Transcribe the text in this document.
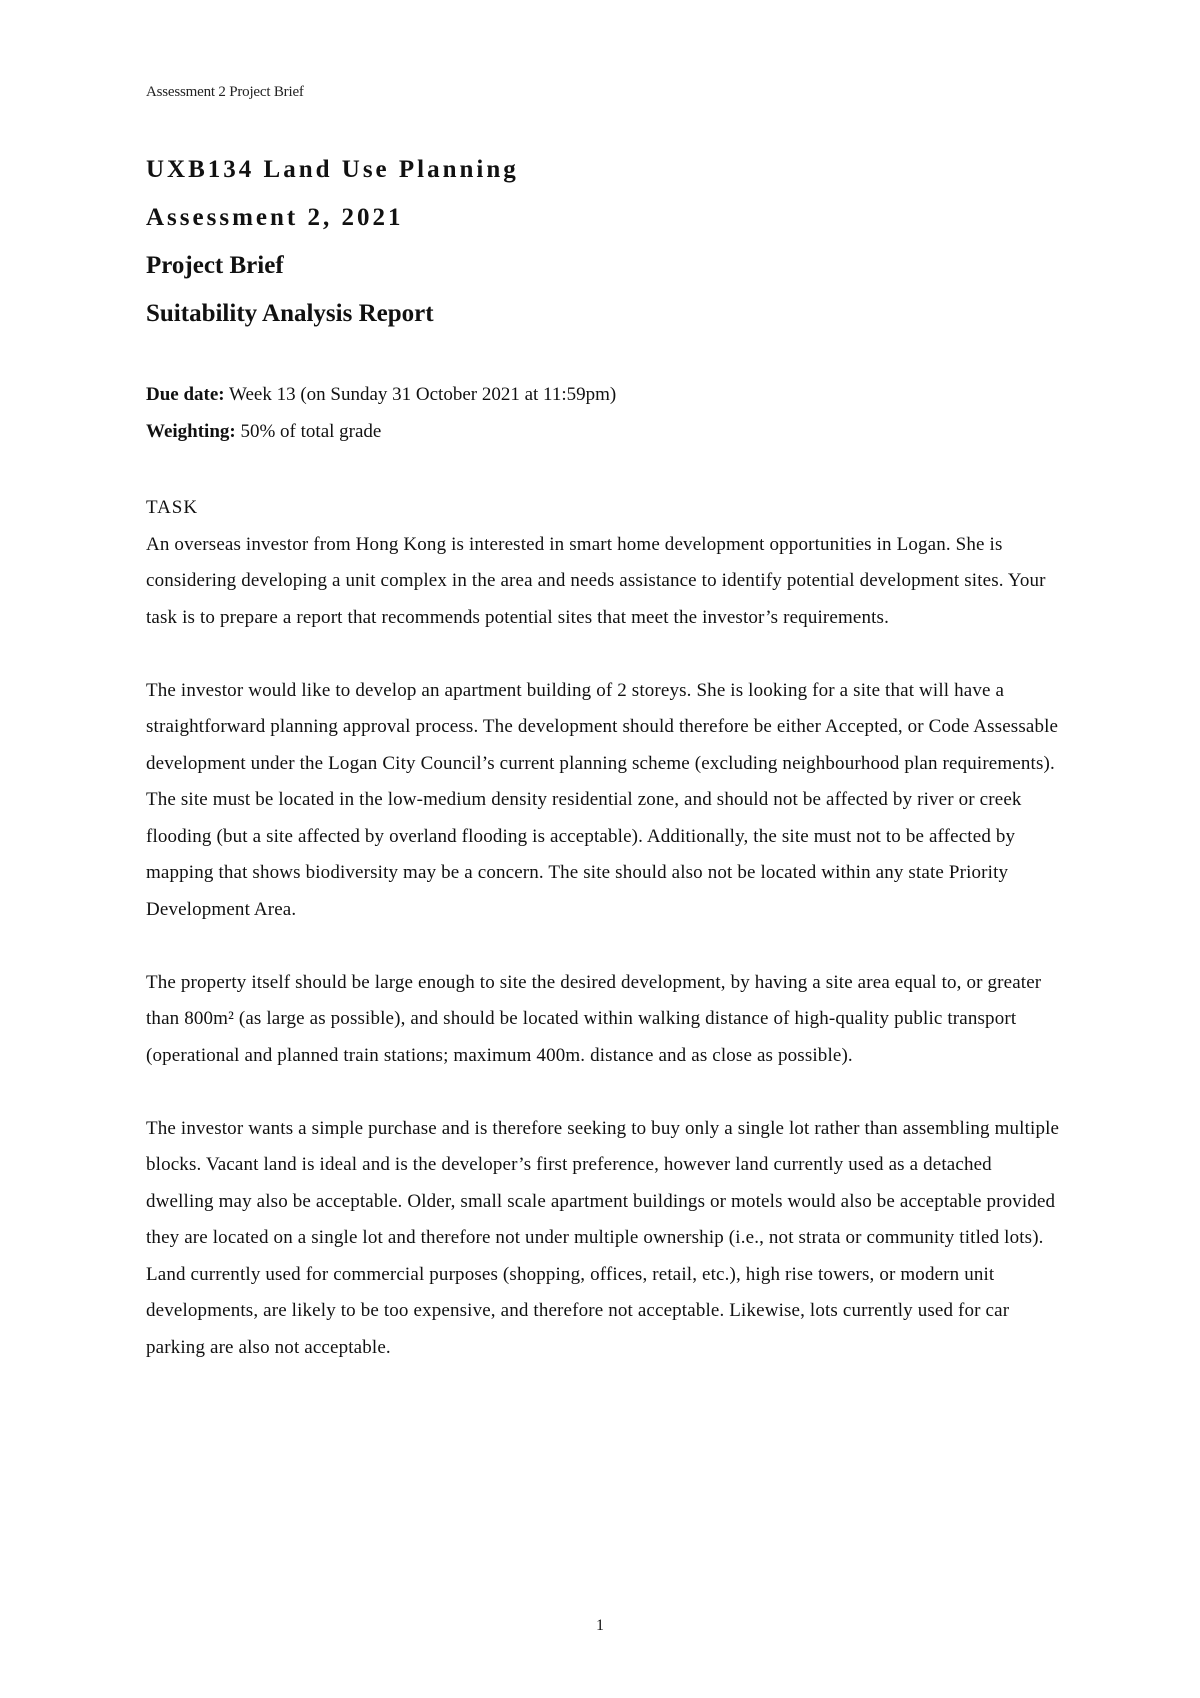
Assessment 2 Project Brief

UXB134 Land Use Planning

Assessment 2, 2021

Project Brief

Suitability Analysis Report

Due date: Week 13 (on Sunday 31 October 2021 at 11:59pm)
Weighting: 50% of total grade
TASK

An overseas investor from Hong Kong is interested in smart home development opportunities in Logan. She is considering developing a unit complex in the area and needs assistance to identify potential development sites. Your task is to prepare a report that recommends potential sites that meet the investor’s requirements.

The investor would like to develop an apartment building of 2 storeys. She is looking for a site that will have a straightforward planning approval process. The development should therefore be either Accepted, or Code Assessable development under the Logan City Council’s current planning scheme (excluding neighbourhood plan requirements). The site must be located in the low-medium density residential zone, and should not be affected by river or creek flooding (but a site affected by overland flooding is acceptable). Additionally, the site must not to be affected by mapping that shows biodiversity may be a concern. The site should also not be located within any state Priority Development Area.

The property itself should be large enough to site the desired development, by having a site area equal to, or greater than 800m² (as large as possible), and should be located within walking distance of high-quality public transport (operational and planned train stations; maximum 400m. distance and as close as possible).

The investor wants a simple purchase and is therefore seeking to buy only a single lot rather than assembling multiple blocks. Vacant land is ideal and is the developer’s first preference, however land currently used as a detached dwelling may also be acceptable. Older, small scale apartment buildings or motels would also be acceptable provided they are located on a single lot and therefore not under multiple ownership (i.e., not strata or community titled lots). Land currently used for commercial purposes (shopping, offices, retail, etc.), high rise towers, or modern unit developments, are likely to be too expensive, and therefore not acceptable. Likewise, lots currently used for car parking are also not acceptable.

1
